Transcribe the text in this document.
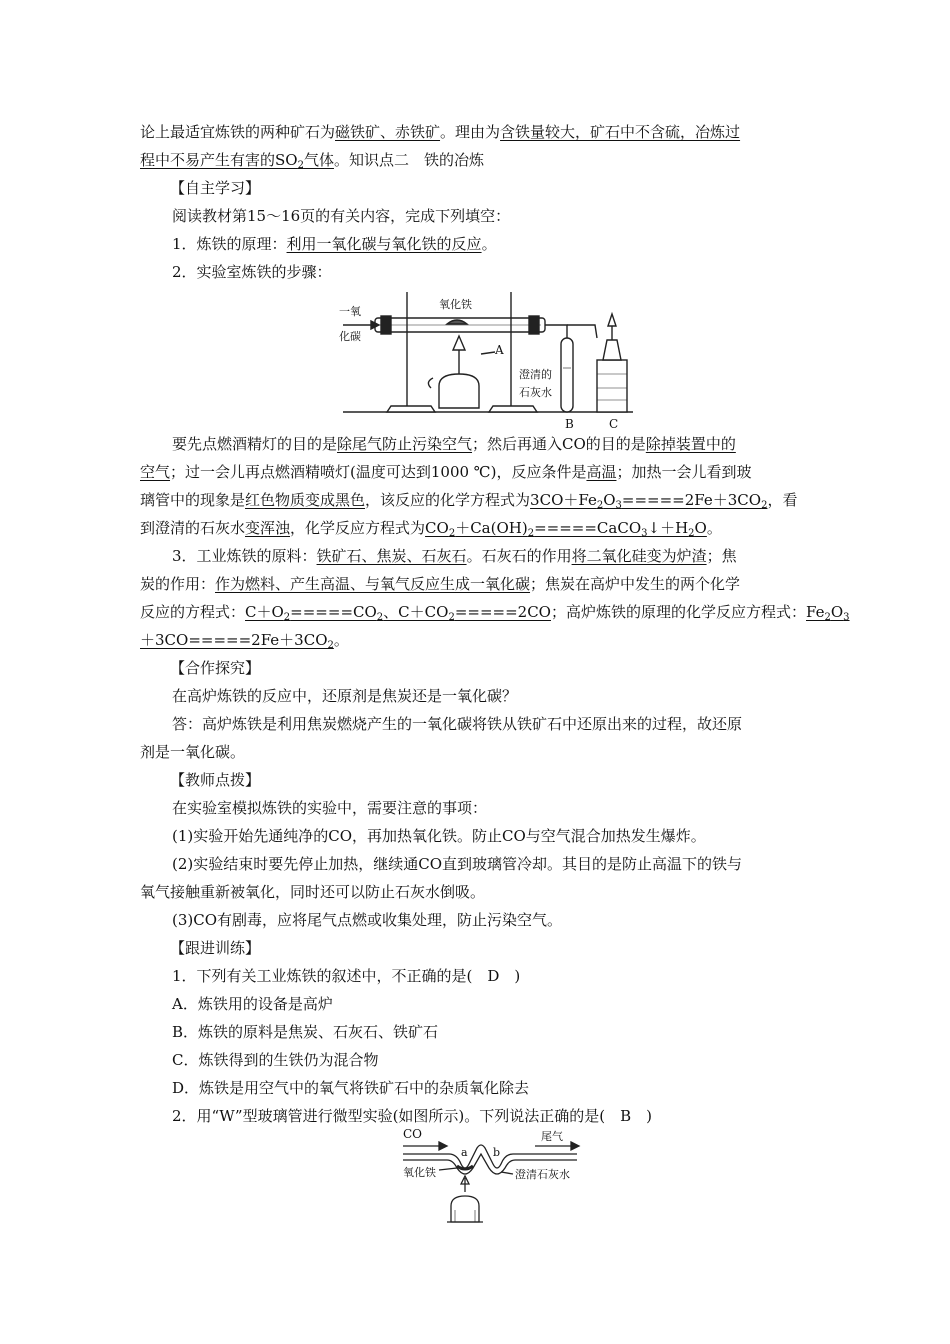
论上最适宜炼铁的两种矿石为磁铁矿、赤铁矿。理由为含铁量较大，矿石中不含硫，冶炼过
程中不易产生有害的$SO_2$气体。知识点二　铁的冶炼
【自主学习】
阅读教材第15～16页的有关内容，完成下列填空：
1．炼铁的原理：利用一氧化碳与氧化铁的反应。
2．实验室炼铁的步骤：
一氧
化碳
氧化铁
A
澄清的
石灰水
B	C
要先点燃酒精灯的目的是除尾气防止污染空气；然后再通入CO的目的是除掉装置中的
空气；过一会儿再点燃酒精喷灯(温度可达到1000 ℃)，反应条件是高温；加热一会儿看到玻
璃管中的现象是红色物质变成黑色，该反应的化学方程式为$3CO+Fe_2O_3=====2Fe+3CO_2$，看
到澄清的石灰水变浑浊，化学反应方程式为$CO_2+Ca(OH)_2=====CaCO_3↓+H_2O$。
3．工业炼铁的原料：铁矿石、焦炭、石灰石。石灰石的作用将二氧化硅变为炉渣；焦
炭的作用：作为燃料、产生高温、与氧气反应生成一氧化碳；焦炭在高炉中发生的两个化学
反应的方程式：$C+O_2=====CO_2$、$C+CO_2=====2CO$；高炉炼铁的原理的化学反应方程式：$Fe_2O_3$
$+3CO=====2Fe+3CO_2$。
【合作探究】
在高炉炼铁的反应中，还原剂是焦炭还是一氧化碳？
答：高炉炼铁是利用焦炭燃烧产生的一氧化碳将铁从铁矿石中还原出来的过程，故还原
剂是一氧化碳。
【教师点拨】
在实验室模拟炼铁的实验中，需要注意的事项：
(1)实验开始先通纯净的CO，再加热氧化铁。防止CO与空气混合加热发生爆炸。
(2)实验结束时要先停止加热，继续通CO直到玻璃管冷却。其目的是防止高温下的铁与
氧气接触重新被氧化，同时还可以防止石灰水倒吸。
(3)CO有剧毒，应将尾气点燃或收集处理，防止污染空气。
【跟进训练】
1．下列有关工业炼铁的叙述中，不正确的是(　D　)
A．炼铁用的设备是高炉
B．炼铁的原料是焦炭、石灰石、铁矿石
C．炼铁得到的生铁仍为混合物
D．炼铁是用空气中的氧气将铁矿石中的杂质氧化除去
2．用“W”型玻璃管进行微型实验(如图所示)。下列说法正确的是(　B　)
CO	尾气
a b
氧化铁	澄清石灰水
